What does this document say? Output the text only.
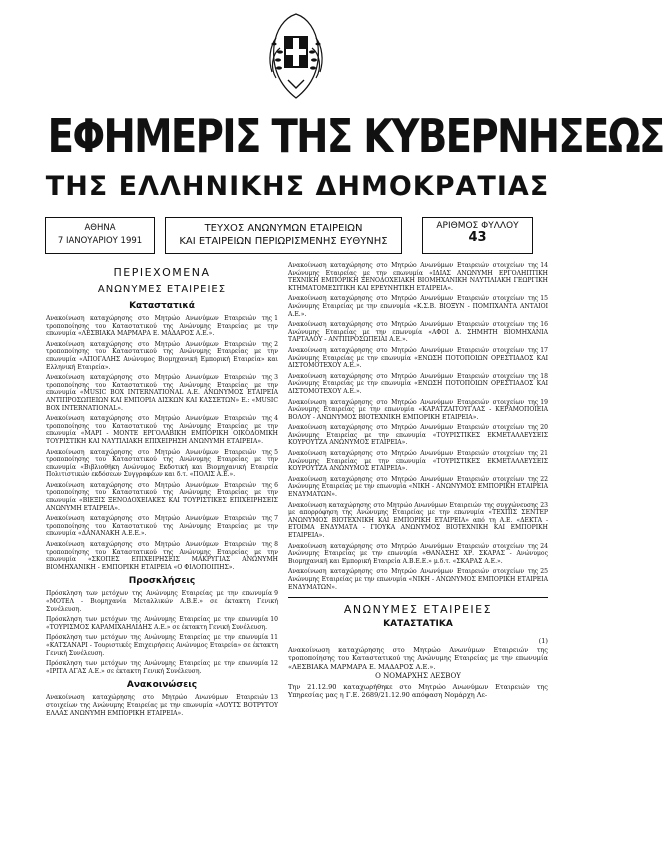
ΕΦΗΜΕΡΙΣ ΤΗΣ ΚΥΒΕΡΝΗΣΕΩΣ
ΤΗΣ ΕΛΛΗΝΙΚΗΣ ΔΗΜΟΚΡΑΤΙΑΣ
ΑΘΗΝΑ
7 ΙΑΝΟΥΑΡΙΟΥ 1991
ΤΕΥΧΟΣ ΑΝΩΝΥΜΩΝ ΕΤΑΙΡΕΙΩΝ
ΚΑΙ ΕΤΑΙΡΕΙΩΝ ΠΕΡΙΩΡΙΣΜΕΝΗΣ ΕΥΘΥΝΗΣ
ΑΡΙΘΜΟΣ ΦΥΛΛΟΥ
43
ΠΕΡΙΕΧΟΜΕΝΑ
ΑΝΩΝΥΜΕΣ ΕΤΑΙΡΕΙΕΣ
Καταστατικά

1
Ανακοίνωση καταχώρησης στο Μητρώο Ανωνύμων Εταιρειών της τροποποίησης του Καταστατικού της Ανώνυμης Εταιρείας με την επωνυμία «ΛΕΣΒΙΑΚΑ ΜΑΡΜΑΡΑ Ε. ΜΑΔΑΡΟΣ Α.Ε.».

2
Ανακοίνωση καταχώρησης στο Μητρώο Ανωνύμων Εταιρειών της τροποποίησης του Καταστατικού της Ανώνυμης Εταιρείας με την επωνυμία «ΑΠΟΓΑΛΗΣ Ανώνυμος Βιομηχανική Εμπορική Εταιρεία» και Ελληνική Εταιρεία».

3
Ανακοίνωση καταχώρησης στο Μητρώο Ανωνύμων Εταιρειών της τροποποίησης του Καταστατικού της Ανώνυμης Εταιρείας με την επωνυμία «MUSIC BOX INTERNATIONAL Α.Ε. ΑΝΩΝΥΜΟΣ ΕΤΑΙΡΕΙΑ ΑΝΤΙΠΡΟΣΩΠΕΙΩΝ ΚΑΙ ΕΜΠΟΡΙΑ ΔΙΣΚΩΝ ΚΑΙ ΚΑΣΣΕΤΩΝ» Ε.: «MUSIC BOX INTERNATIONAL».

4
Ανακοίνωση καταχώρησης στο Μητρώο Ανωνύμων Εταιρειών της τροποποίησης του Καταστατικού της Ανώνυμης Εταιρείας με την επωνυμία «ΜΑΡΙ - ΜΟΝΤΕ ΕΡΓΟΛΑΒΙΚΗ ΕΜΠΟΡΙΚΗ ΟΙΚΟΔΟΜΙΚΗ ΤΟΥΡΙΣΤΙΚΗ ΚΑΙ ΝΑΥΤΙΛΙΑΚΗ ΕΠΙΧΕΙΡΗΣΗ ΑΝΩΝΥΜΗ ΕΤΑΙΡΕΙΑ».

5
Ανακοίνωση καταχώρησης στο Μητρώο Ανωνύμων Εταιρειών της τροποποίησης του Καταστατικού της Ανώνυμης Εταιρείας με την επωνυμία «Βιβλιοθήκη Ανώνυμος Εκδοτική και Βιομηχανική Εταιρεία Πολιτιστικών εκδόσεων Συγγραφέων και δ.τ. «ΠΟΛΙΣ Α.Ε.».

6
Ανακοίνωση καταχώρησης στο Μητρώο Ανωνύμων Εταιρειών της τροποποίησης του Καταστατικού της Ανώνυμης Εταιρείας με την επωνυμία «ΒΙΕΞΙΣ ΞΕΝΟΔΟΧΕΙΑΚΕΣ ΚΑΙ ΤΟΥΡΙΣΤΙΚΕΣ ΕΠΙΧΕΙΡΗΣΕΙΣ ΑΝΩΝΥΜΗ ΕΤΑΙΡΕΙΑ».

7
Ανακοίνωση καταχώρησης στο Μητρώο Ανωνύμων Εταιρειών της τροποποίησης του Καταστατικού της Ανώνυμης Εταιρείας με την επωνυμία «ΔΑΝΑΝΑΚΗ Α.Ε.Ε.».

8
Ανακοίνωση καταχώρησης στο Μητρώο Ανωνύμων Εταιρειών της τροποποίησης του Καταστατικού της Ανώνυμης Εταιρείας με την επωνυμία «ΣΚΟΠΕΣ ΕΠΙΧΕΙΡΗΣΕΙΣ ΜΑΚΡΥΓΙΑΣ ΑΝΩΝΥΜΗ ΒΙΟΜΗΧΑΝΙΚΗ - ΕΜΠΟΡΙΚΗ ΕΤΑΙΡΕΙΑ «Ο ΦΙΛΟΠΟΙΠΗΣ».

Προσκλήσεις

9
Πρόσκληση των μετόχων της Ανώνυμης Εταιρείας με την επωνυμία «ΜΟΤΕΛ - Βιομηχανία Μεταλλικών Α.Β.Ε.» σε έκτακτη Γενική Συνέλευση.

10
Πρόσκληση των μετόχων της Ανώνυμης Εταιρείας με την επωνυμία «ΤΟΥΡΙΣΜΟΣ ΚΑΡΑΜΙΧΑΗΛΙΔΗΣ Α.Ε.» σε έκτακτη Γενική Συνέλευση.

11
Πρόσκληση των μετόχων της Ανώνυμης Εταιρείας με την επωνυμία «ΚΑΤΣΑΝΑΡΙ - Τουριστικές Επιχειρήσεις Ανώνυμος Εταιρεία» σε έκτακτη Γενική Συνέλευση.

12
Πρόσκληση των μετόχων της Ανώνυμης Εταιρείας με την επωνυμία «ΙΡΙΤΑ ΑΓΑΣ Α.Ε.» σε έκτακτη Γενική Συνέλευση.

Ανακοινώσεις

13
Ανακοίνωση καταχώρησης στο Μητρώο Ανωνύμων Εταιρειών στοιχείων της Ανώνυμης Εταιρείας με την επωνυμία «ΛΟΥΤΣ ΒΟΤΡΥΤΟΥ ΕΛΛΑΣ ΑΝΩΝΥΜΗ ΕΜΠΟΡΙΚΗ ΕΤΑΙΡΕΙΑ».

14
Ανακοίνωση καταχώρησης στο Μητρώο Ανωνύμων Εταιρειών στοιχείων της Ανώνυμης Εταιρείας με την επωνυμία «ΙΔΙΑΣ ΑΝΩΝΥΜΗ ΕΡΓΟΛΗΠΤΙΚΗ ΤΕΧΝΙΚΗ ΕΜΠΟΡΙΚΗ ΞΕΝΟΔΟΧΕΙΑΚΗ ΒΙΟΜΗΧΑΝΙΚΗ ΝΑΥΤΙΛΙΑΚΗ ΓΕΩΡΓΙΚΗ ΚΤΗΜΑΤΟΜΕΣΙΤΙΚΗ ΚΑΙ ΕΡΕΥΝΗΤΙΚΗ ΕΤΑΙΡΕΙΑ».

15
Ανακοίνωση καταχώρησης στο Μητρώο Ανωνύμων Εταιρειών στοιχείων της Ανώνυμης Εταιρείας με την επωνυμία «Κ.Σ.Β. ΒΙΟΞΥΝ - ΠΟΜΠΧΑΝΤΑ ΑΝΤΑΙΟΙ Α.Ε.».

16
Ανακοίνωση καταχώρησης στο Μητρώο Ανωνύμων Εταιρειών στοιχείων της Ανώνυμης Εταιρείας με την επωνυμία «ΑΦΟΙ Δ. ΣΗΜΗΤΗ ΒΙΟΜΗΧΑΝΙΑ ΤΑΡΤΑΛΟΥ - ΑΝΤΙΠΡΟΣΩΠΕΙΑΙ Α.Ε.».

17
Ανακοίνωση καταχώρησης στο Μητρώο Ανωνύμων Εταιρειών στοιχείων της Ανώνυμης Εταιρείας με την επωνυμία «ΕΝΩΣΗ ΠΟΤΟΠΟΙΩΝ ΟΡΕΣΤΙΑΔΟΣ ΚΑΙ ΔΙΣΤΟΜΟΤΕΧΟΥ Α.Ε.».

18
Ανακοίνωση καταχώρησης στο Μητρώο Ανωνύμων Εταιρειών στοιχείων της Ανώνυμης Εταιρείας με την επωνυμία «ΕΝΩΣΗ ΠΟΤΟΠΟΙΩΝ ΟΡΕΣΤΙΑΔΟΣ ΚΑΙ ΔΙΣΤΟΜΟΤΕΧΟΥ Α.Ε.».

19
Ανακοίνωση καταχώρησης στο Μητρώο Ανωνύμων Εταιρειών στοιχείων της Ανώνυμης Εταιρείας με την επωνυμία «ΚΑΡΑΤΖΑΙΤΟΥΓΛΑΣ - ΚΕΡΑΜΟΠΟΙΕΙΑ ΒΟΛΟΥ - ΑΝΩΝΥΜΟΣ ΒΙΟΤΕΧΝΙΚΗ ΕΜΠΟΡΙΚΗ ΕΤΑΙΡΕΙΑ».

20
Ανακοίνωση καταχώρησης στο Μητρώο Ανωνύμων Εταιρειών στοιχείων της Ανώνυμης Εταιρείας με την επωνυμία «ΤΟΥΡΙΣΤΙΚΕΣ ΕΚΜΕΤΑΛΛΕΥΣΕΙΣ ΚΟΥΡΟΥΤΖΑ ΑΝΩΝΥΜΟΣ ΕΤΑΙΡΕΙΑ».

21
Ανακοίνωση καταχώρησης στο Μητρώο Ανωνύμων Εταιρειών στοιχείων της Ανώνυμης Εταιρείας με την επωνυμία «ΤΟΥΡΙΣΤΙΚΕΣ ΕΚΜΕΤΑΛΛΕΥΣΕΙΣ ΚΟΥΡΟΥΤΖΑ ΑΝΩΝΥΜΟΣ ΕΤΑΙΡΕΙΑ».

22
Ανακοίνωση καταχώρησης στο Μητρώο Ανωνύμων Εταιρειών στοιχείων της Ανώνυμης Εταιρείας με την επωνυμία «ΝΙΚΗ - ΑΝΩΝΥΜΟΣ ΕΜΠΟΡΙΚΗ ΕΤΑΙΡΕΙΑ ΕΝΔΥΜΑΤΩΝ».

23
Ανακοίνωση καταχώρησης στο Μητρώο Ανωνύμων Εταιρειών της συγχώνευσης με απορρόφηση της Ανώνυμης Εταιρείας με την επωνυμία «ΤΕΧΠΙΣ ΣΕΝΤΕΡ ΑΝΩΝΥΜΟΣ ΒΙΟΤΕΧΝΙΚΗ ΚΑΙ ΕΜΠΟΡΙΚΗ ΕΤΑΙΡΕΙΑ» από τη Α.Ε. «ΔΕΚΤΑ - ΕΤΟΙΜΑ ΕΝΔΥΜΑΤΑ - ΓΙΟΥΚΑ ΑΝΩΝΥΜΟΣ ΒΙΟΤΕΧΝΙΚΗ ΚΑΙ ΕΜΠΟΡΙΚΗ ΕΤΑΙΡΕΙΑ».

24
Ανακοίνωση καταχώρησης στο Μητρώο Ανωνύμων Εταιρειών στοιχείων της Ανώνυμης Εταιρείας με την επωνυμία «ΘΑΝΑΣΗΣ ΧΡ. ΣΚΑΡΑΣ - Ανώνυμος Βιομηχανική και Εμπορική Εταιρεία Α.Β.Ε.Ε.» μ.δ.τ. «ΣΚΑΡΑΣ Α.Ε.».

25
Ανακοίνωση καταχώρησης στο Μητρώο Ανωνύμων Εταιρειών στοιχείων της Ανώνυμης Εταιρείας με την επωνυμία «ΝΙΚΗ - ΑΝΩΝΥΜΟΣ ΕΜΠΟΡΙΚΗ ΕΤΑΙΡΕΙΑ ΕΝΔΥΜΑΤΩΝ».

ΑΝΩΝΥΜΕΣ ΕΤΑΙΡΕΙΕΣ
ΚΑΤΑΣΤΑΤΙΚΑ
(1)
Ανακοίνωση καταχώρησης στο Μητρώο Ανωνύμων Εταιρειών της τροποποίησης του Καταστατικού της Ανώνυμης Εταιρείας με την επωνυμία «ΛΕΣΒΙΑΚΑ ΜΑΡΜΑΡΑ Ε. ΜΑΔΑΡΟΣ Α.Ε.».
Ο ΝΟΜΑΡΧΗΣ ΛΕΣΒΟΥ
Την 21.12.90 καταχωρήθηκε στο Μητρώο Ανωνύμων Εταιρειών της Υπηρεσίας μας η Γ.Ε. 2689/21.12.90 απόφαση Νομάρχη Λε-
